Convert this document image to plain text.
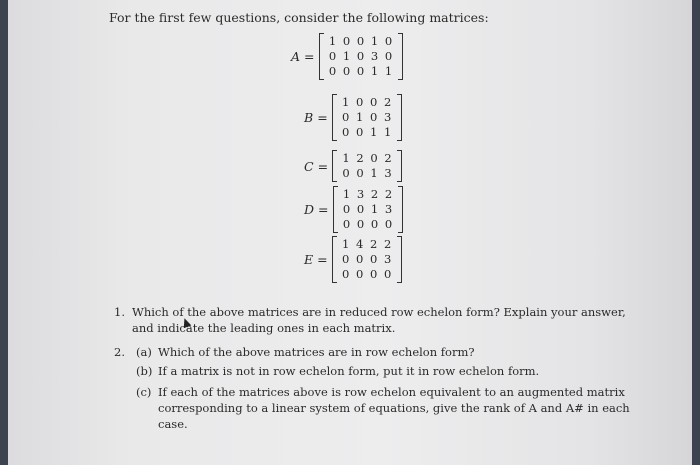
For the first few questions, consider the following matrices:
A =
1 0 0 1 0
0 1 0 3 0
0 0 0 1 1
B =
1 0 0 2
0 1 0 3
0 0 1 1
C =
1 2 0 2
0 0 1 3
D =
1 3 2 2
0 0 1 3
0 0 0 0
E =
1 4 2 2
0 0 0 3
0 0 0 0
1. Which of the above matrices are in reduced row echelon form? Explain your answer,
and indicate the leading ones in each matrix.
2. (a) Which of the above matrices are in row echelon form?
(b) If a matrix is not in row echelon form, put it in row echelon form.
(c) If each of the matrices above is row echelon equivalent to an augmented matrix
corresponding to a linear system of equations, give the rank of A and A# in each
case.
